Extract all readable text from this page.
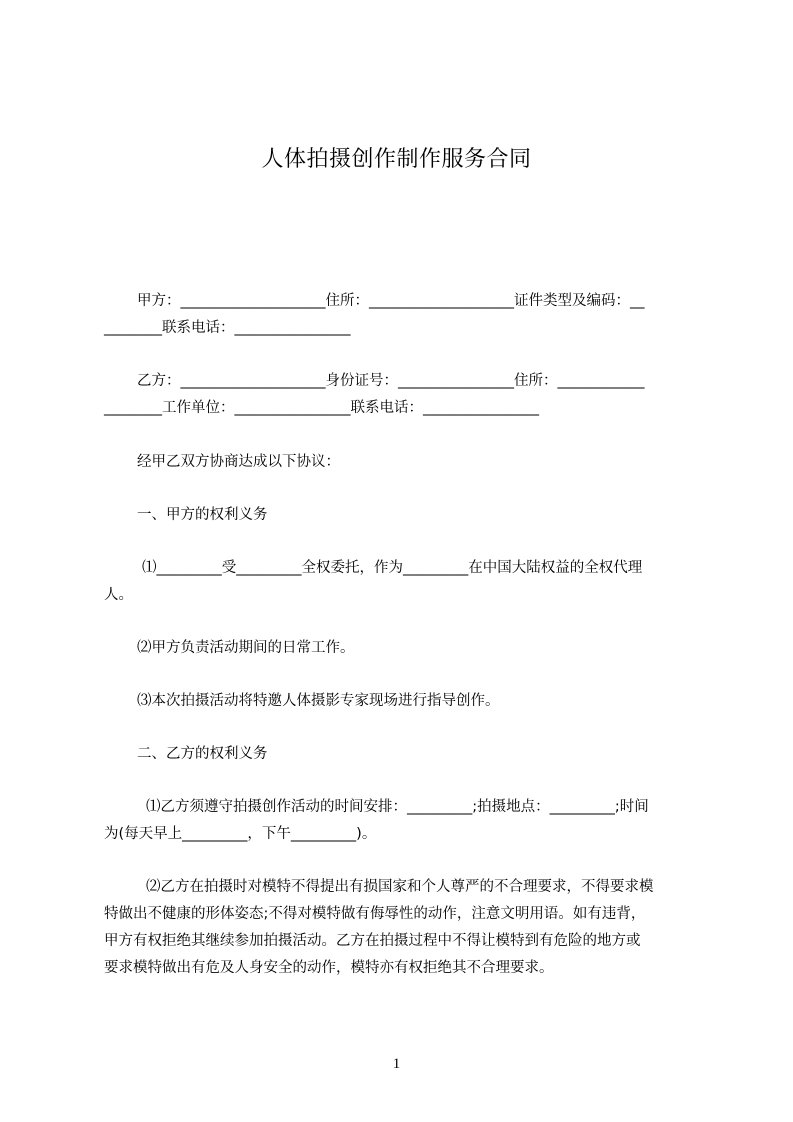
人体拍摄创作制作服务合同
甲方：____________________住所：____________________证件类型及编码：__
________联系电话：________________
乙方：____________________身份证号：________________住所：____________
________工作单位：________________联系电话：________________
经甲乙双方协商达成以下协议：
一、甲方的权利义务
⑴_________受_________全权委托，作为_________在中国大陆权益的全权代理
人。
⑵甲方负责活动期间的日常工作。
⑶本次拍摄活动将特邀人体摄影专家现场进行指导创作。
二、乙方的权利义务
⑴乙方须遵守拍摄创作活动的时间安排：_________;拍摄地点：_________;时间
为(每天早上_________，下午_________)。
⑵乙方在拍摄时对模特不得提出有损国家和个人尊严的不合理要求，不得要求模
特做出不健康的形体姿态;不得对模特做有侮辱性的动作，注意文明用语。如有违背，
甲方有权拒绝其继续参加拍摄活动。乙方在拍摄过程中不得让模特到有危险的地方或
要求模特做出有危及人身安全的动作，模特亦有权拒绝其不合理要求。
1
